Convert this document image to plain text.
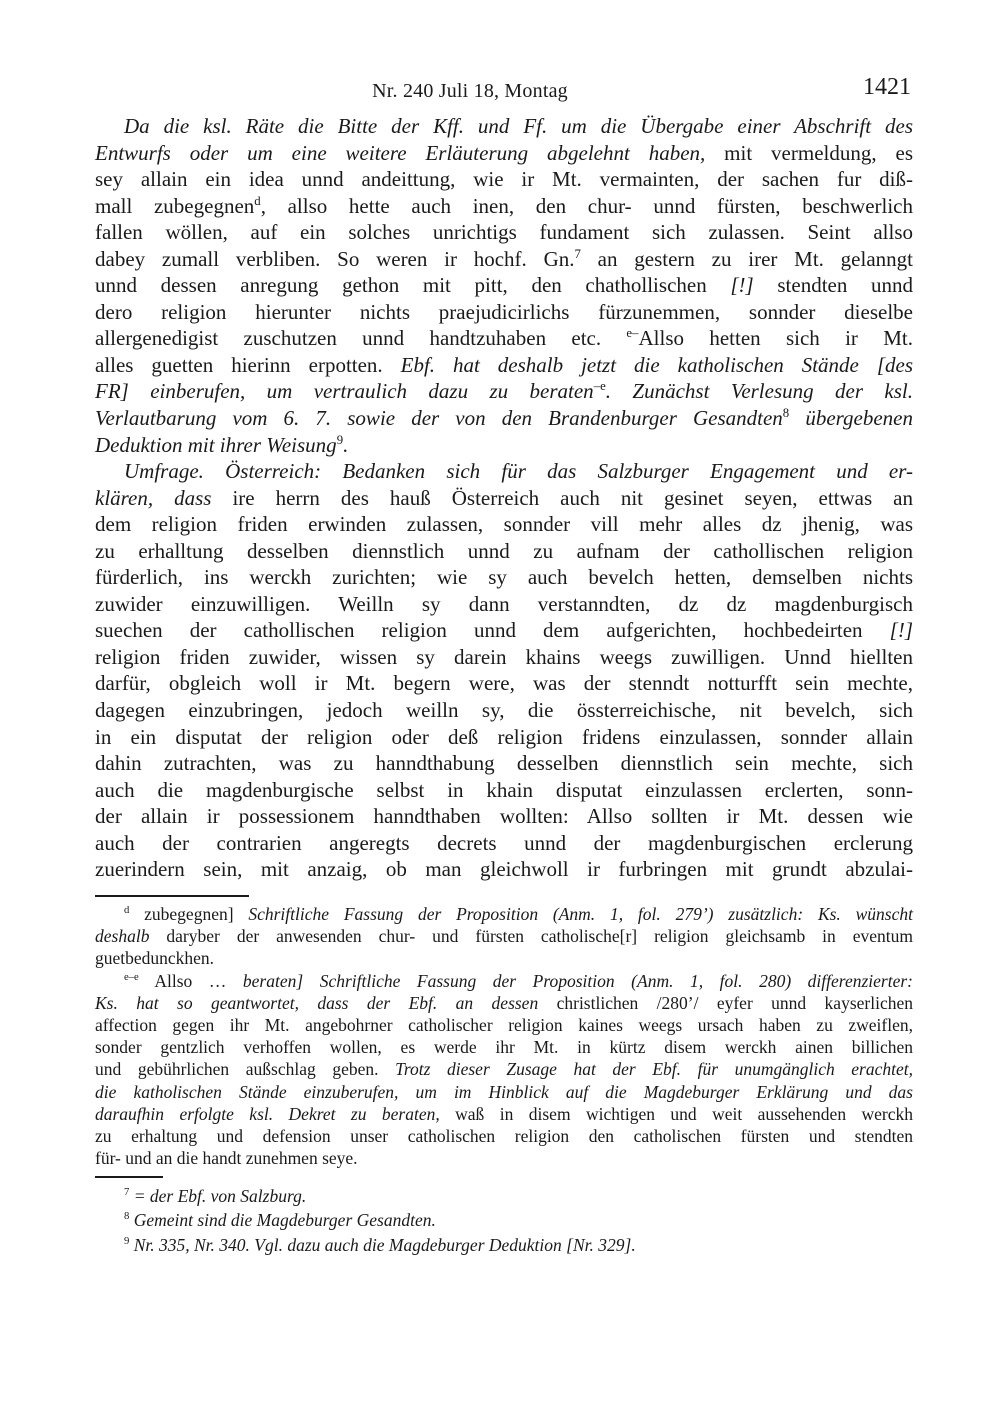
Nr. 240 Juli 18, Montag	1421
Da die ksl. Räte die Bitte der Kff. und Ff. um die Übergabe einer Abschrift des
Entwurfs oder um eine weitere Erläuterung abgelehnt haben, mit vermeldung, es
sey allain ein idea unnd andeittung, wie ir Mt. vermainten, der sachen fur diß-
mall zubegegnen$^d$, allso hette auch inen, den chur- unnd fürsten, beschwerlich
fallen wöllen, auf ein solches unrichtigs fundament sich zulassen. Seint allso
dabey zumall verbliben. So weren ir hochf. Gn.$^7$ an gestern zu irer Mt. gelanngt
unnd dessen anregung gethon mit pitt, den chathollischen [!] stendten unnd
dero religion hierunter nichts praejudicirlichs fürzunemmen, sonnder dieselbe
allergenedigist zuschutzen unnd handtzuhaben etc. $^{e-}$Allso hetten sich ir Mt.
alles guetten hierinn erpotten. Ebf. hat deshalb jetzt die katholischen Stände [des
FR] einberufen, um vertraulich dazu zu beraten$^{-e}$. Zunächst Verlesung der ksl.
Verlautbarung vom 6. 7. sowie der von den Brandenburger Gesandten$^8$ übergebenen
Deduktion mit ihrer Weisung$^9$.
Umfrage. Österreich: Bedanken sich für das Salzburger Engagement und er-
klären, dass ire herrn des hauß Österreich auch nit gesinet seyen, ettwas an
dem religion friden erwinden zulassen, sonnder vill mehr alles dz jhenig, was
zu erhalltung desselben diennstlich unnd zu aufnam der cathollischen religion
fürderlich, ins werckh zurichten; wie sy auch bevelch hetten, demselben nichts
zuwider einzuwilligen. Weilln sy dann verstanndten, dz dz magdenburgisch
suechen der cathollischen religion unnd dem aufgerichten, hochbedeirten [!]
religion friden zuwider, wissen sy darein khains weegs zuwilligen. Unnd hiellten
darfür, obgleich woll ir Mt. begern were, was der stenndt notturfft sein mechte,
dagegen einzubringen, jedoch weilln sy, die össterreichische, nit bevelch, sich
in ein disputat der religion oder deß religion fridens einzulassen, sonnder allain
dahin zutrachten, was zu hanndthabung desselben diennstlich sein mechte, sich
auch die magdenburgische selbst in khain disputat einzulassen erclerten, sonn-
der allain ir possessionem hanndthaben wollten: Allso sollten ir Mt. dessen wie
auch der contrarien angeregts decrets unnd der magdenburgischen erclerung
zuerindern sein, mit anzaig, ob man gleichwoll ir furbringen mit grundt abzulai-
$^d$ zubegegnen] Schriftliche Fassung der Proposition (Anm. 1, fol. 279’) zusätzlich: Ks. wünscht
deshalb daryber der anwesenden chur- und fürsten catholische[r] religion gleichsamb in eventum
guetbedunckhen.
$^{e-e}$ Allso … beraten] Schriftliche Fassung der Proposition (Anm. 1, fol. 280) differenzierter:
Ks. hat so geantwortet, dass der Ebf. an dessen christlichen /280’/ eyfer unnd kayserlichen
affection gegen ihr Mt. angebohrner catholischer religion kaines weegs ursach haben zu zweiflen,
sonder gentzlich verhoffen wollen, es werde ihr Mt. in kürtz disem werckh ainen billichen
und gebührlichen außschlag geben. Trotz dieser Zusage hat der Ebf. für unumgänglich erachtet,
die katholischen Stände einzuberufen, um im Hinblick auf die Magdeburger Erklärung und das
daraufhin erfolgte ksl. Dekret zu beraten, waß in disem wichtigen und weit aussehenden werckh
zu erhaltung und defension unser catholischen religion den catholischen fürsten und stendten
für- und an die handt zunehmen seye.
$^7$ = der Ebf. von Salzburg.
$^8$ Gemeint sind die Magdeburger Gesandten.
$^9$ Nr. 335, Nr. 340. Vgl. dazu auch die Magdeburger Deduktion [Nr. 329].
